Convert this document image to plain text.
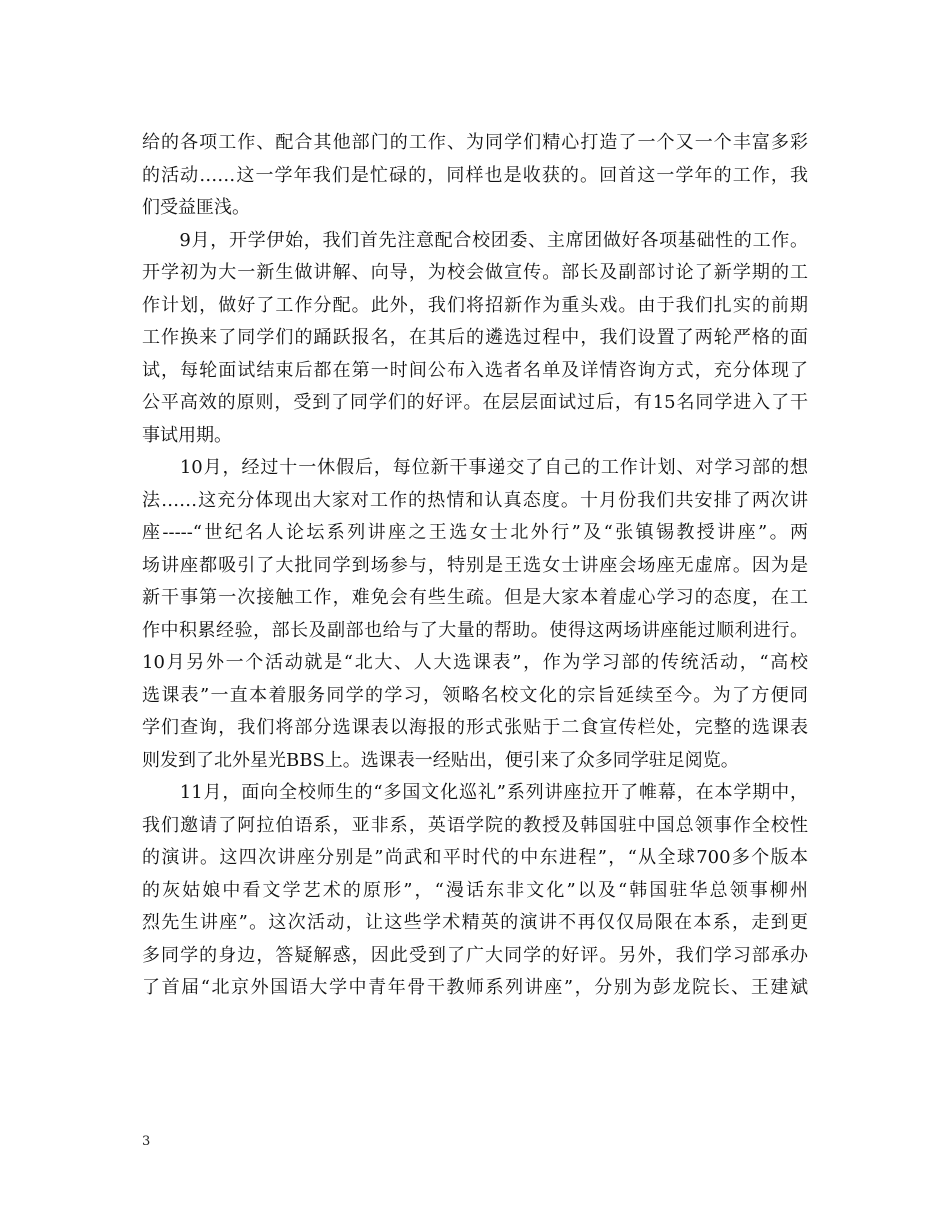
给的各项工作、配合其他部门的工作、为同学们精心打造了一个又一个丰富多彩
的活动……这一学年我们是忙碌的，同样也是收获的。回首这一学年的工作，我
们受益匪浅。
　　9月，开学伊始，我们首先注意配合校团委、主席团做好各项基础性的工作。
开学初为大一新生做讲解、向导，为校会做宣传。部长及副部讨论了新学期的工
作计划，做好了工作分配。此外，我们将招新作为重头戏。由于我们扎实的前期
工作换来了同学们的踊跃报名，在其后的遴选过程中，我们设置了两轮严格的面
试，每轮面试结束后都在第一时间公布入选者名单及详情咨询方式，充分体现了
公平高效的原则，受到了同学们的好评。在层层面试过后，有15名同学进入了干
事试用期。
　　10月，经过十一休假后，每位新干事递交了自己的工作计划、对学习部的想
法……这充分体现出大家对工作的热情和认真态度。十月份我们共安排了两次讲
座-----“世纪名人论坛系列讲座之王选女士北外行”及“张镇锡教授讲座”。两
场讲座都吸引了大批同学到场参与，特别是王选女士讲座会场座无虚席。因为是
新干事第一次接触工作，难免会有些生疏。但是大家本着虚心学习的态度，在工
作中积累经验，部长及副部也给与了大量的帮助。使得这两场讲座能过顺利进行。
10月另外一个活动就是“北大、人大选课表”，作为学习部的传统活动，“高校
选课表”一直本着服务同学的学习，领略名校文化的宗旨延续至今。为了方便同
学们查询，我们将部分选课表以海报的形式张贴于二食宣传栏处，完整的选课表
则发到了北外星光BBS上。选课表一经贴出，便引来了众多同学驻足阅览。
　　11月，面向全校师生的“多国文化巡礼”系列讲座拉开了帷幕，在本学期中，
我们邀请了阿拉伯语系，亚非系，英语学院的教授及韩国驻中国总领事作全校性
的演讲。这四次讲座分别是”尚武和平时代的中东进程”，“从全球700多个版本
的灰姑娘中看文学艺术的原形”，“漫话东非文化”以及“韩国驻华总领事柳州
烈先生讲座”。这次活动，让这些学术精英的演讲不再仅仅局限在本系，走到更
多同学的身边，答疑解惑，因此受到了广大同学的好评。另外，我们学习部承办
了首届“北京外国语大学中青年骨干教师系列讲座”，分别为彭龙院长、王建斌
3
